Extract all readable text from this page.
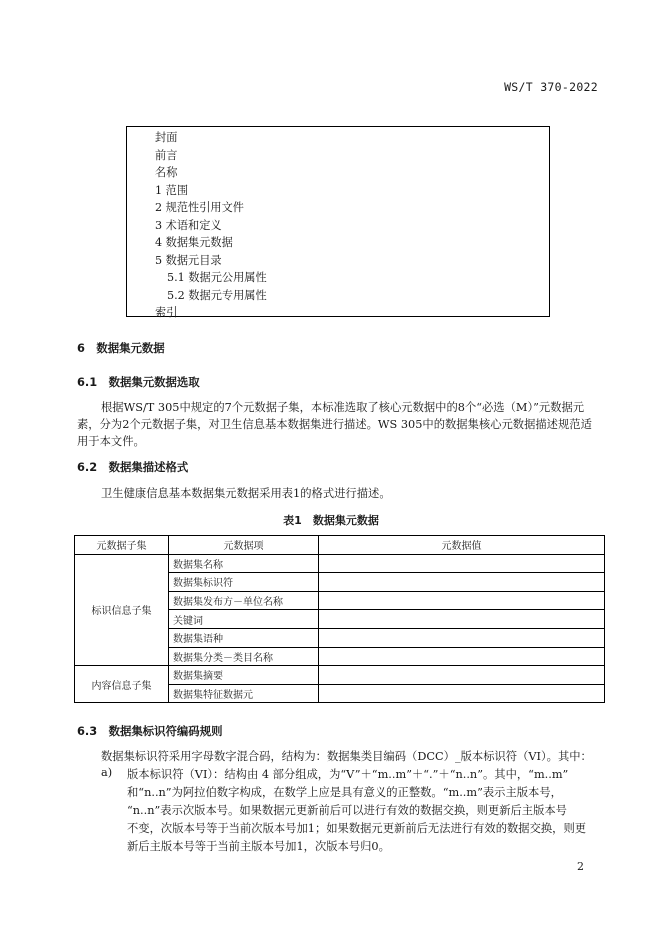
WS/T 370-2022
封面
前言
名称
1 范围
2 规范性引用文件
3 术语和定义
4 数据集元数据
5 数据元目录
5.1 数据元公用属性
5.2 数据元专用属性
索引
6　数据集元数据
6.1　数据集元数据选取
根据WS/T 305中规定的7个元数据子集，本标准选取了核心元数据中的8个“必选（M）”元数据元
素，分为2个元数据子集，对卫生信息基本数据集进行描述。WS 305中的数据集核心元数据描述规范适
用于本文件。
6.2　数据集描述格式
卫生健康信息基本数据集元数据采用表1的格式进行描述。
表1　数据集元数据
元数据子集	元数据项	元数据值
标识信息子集	数据集名称	
	数据集标识符	
	数据集发布方－单位名称	
	关键词	
	数据集语种	
	数据集分类－类目名称	
内容信息子集	数据集摘要	
	数据集特征数据元	
6.3　数据集标识符编码规则
数据集标识符采用字母数字混合码，结构为：数据集类目编码（DCC）_版本标识符（VI）。其中：
a) 版本标识符（VI）：结构由 4 部分组成，为“V”＋“m..m”＋“.”＋“n..n”。其中，“m..m”
和“n..n”为阿拉伯数字构成，在数学上应是具有意义的正整数。“m..m”表示主版本号，
“n..n”表示次版本号。如果数据元更新前后可以进行有效的数据交换，则更新后主版本号
不变，次版本号等于当前次版本号加1；如果数据元更新前后无法进行有效的数据交换，则更
新后主版本号等于当前主版本号加1，次版本号归0。
2
